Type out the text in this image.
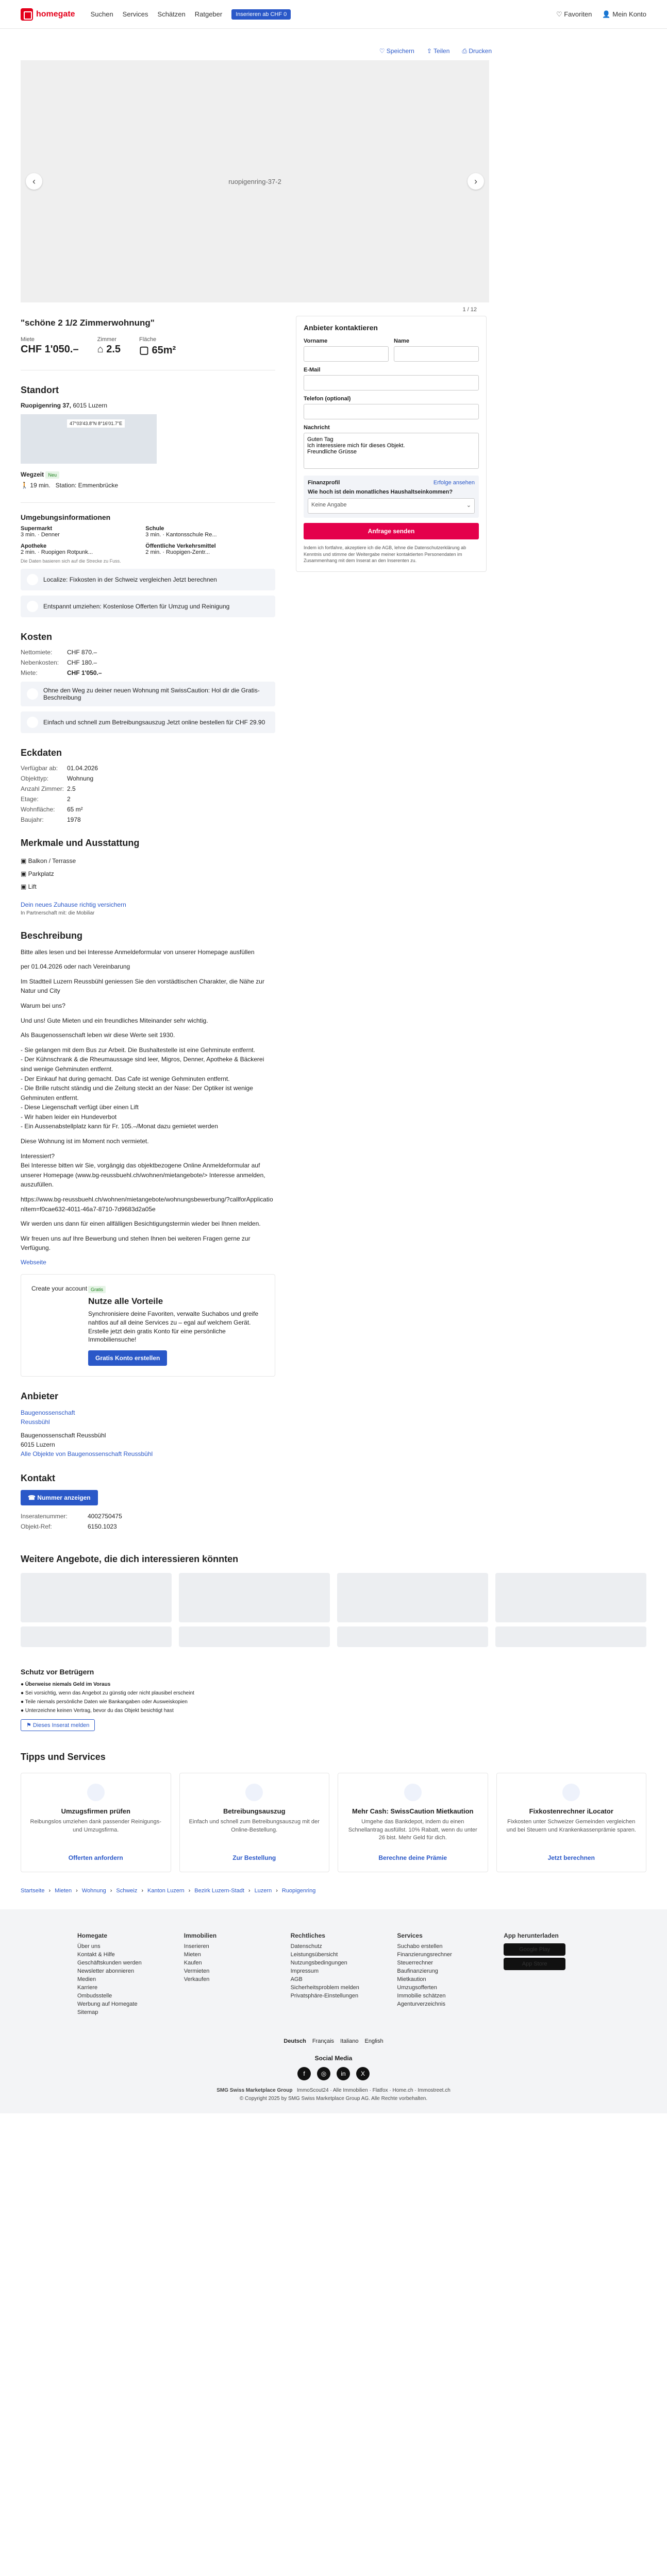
homegate Suchen Services Schätzen Ratgeber	Inserieren ab CHF 0	♡ Favoriten 👤 Mein Konto
♡ Speichern ⇪ Teilen ⎙ Drucken
‹	ruopigenring-37-2	›
1 / 12
"schöne 2 1/2 Zimmerwohnung"
Miete
CHF 1'050.–
Zimmer
⌂ 2.5
Fläche
▢ 65m²
Standort
Ruopigenring 37, 6015 Luzern
47°03'43.8"N 8°16'01.7"E
Wegzeit Neu
🚶 19 min. Station: Emmenbrücke
Umgebungsinformationen
Supermarkt
3 min. · Denner
Schule
3 min. · Kantonsschule Re...
Apotheke
2 min. · Ruopigen Rotpunk...
Öffentliche Verkehrsmittel
2 min. · Ruopigen-Zentr...
Die Daten basieren sich auf die Strecke zu Fuss.
Localize: Fixkosten in der Schweiz vergleichen Jetzt berechnen
Entspannt umziehen: Kostenlose Offerten für Umzug und Reinigung
Kosten
Nettomiete:	CHF 870.–
Nebenkosten:	CHF 180.–
Miete:	CHF 1'050.–
Ohne den Weg zu deiner neuen Wohnung mit SwissCaution: Hol dir die Gratis-Beschreibung
Einfach und schnell zum Betreibungsauszug Jetzt online bestellen für CHF 29.90
Eckdaten
Verfügbar ab:	01.04.2026
Objekttyp:	Wohnung
Anzahl Zimmer: 2.5
Etage:	2
Wohnfläche:	65 m²
Baujahr:	1978
Merkmale und Ausstattung
▣ Balkon / Terrasse
▣ Parkplatz
▣ Lift
Dein neues Zuhause richtig versichern
In Partnerschaft mit: die Mobiliar
Beschreibung

Bitte alles lesen und bei Interesse Anmeldeformular von unserer Homepage ausfüllen

per 01.04.2026 oder nach Vereinbarung

Im Stadtteil Luzern Reussbühl geniessen Sie den vorstädtischen Charakter, die Nähe zur Natur und City

Warum bei uns?

Und uns! Gute Mieten und ein freundliches Miteinander sehr wichtig.

Als Baugenossenschaft leben wir diese Werte seit 1930.

- Sie gelangen mit dem Bus zur Arbeit. Die Bushaltestelle ist eine Gehminute entfernt.
- Der Kühnschrank & die Rheumaussage sind leer, Migros, Denner, Apotheke & Bäckerei sind wenige Gehminuten entfernt.
- Der Einkauf hat during gemacht. Das Cafe ist wenige Gehminuten entfernt.
- Die Brille rutscht ständig und die Zeitung steckt an der Nase: Der Optiker ist wenige Gehminuten entfernt.
- Diese Liegenschaft verfügt über einen Lift
- Wir haben leider ein Hundeverbot
- Ein Aussenabstellplatz kann für Fr. 105.–/Monat dazu gemietet werden

Diese Wohnung ist im Moment noch vermietet.

Interessiert?
Bei Interesse bitten wir Sie, vorgängig das objektbezogene Online Anmeldeformular auf unserer Homepage (www.bg-reussbuehl.ch/wohnen/mietangebote/> Interesse anmelden, auszufüllen.

https://www.bg-reussbuehl.ch/wohnen/mietangebote/wohnungsbewerbung/?callforApplicationItem=f0cae632-4011-46a7-8710-7d9683d2a05e

Wir werden uns dann für einen allfälligen Besichtigungstermin wieder bei Ihnen melden.

Wir freuen uns auf Ihre Bewerbung und stehen Ihnen bei weiteren Fragen gerne zur Verfügung.

Webseite
Create your account Gratis
Nutze alle Vorteile
Synchronisiere deine Favoriten, verwalte Suchabos und greife nahtlos auf all deine Services zu – egal auf welchem Gerät. Erstelle jetzt dein gratis Konto für eine persönliche Immobiliensuche!
Gratis Konto erstellen
Anbieter
Baugenossenschaft
Reussbühl
Baugenossenschaft Reussbühl
6015 Luzern
Alle Objekte von Baugenossenschaft Reussbühl
Kontakt
☎ Nummer anzeigen
Inseratenummer:	4002750475
Objekt-Ref:	6150.1023
Anbieter kontaktieren
Vorname	Name
E-Mail
Telefon (optional)
Nachricht
Guten Tag Ich interessiere mich für dieses Objekt. Freundliche Grüsse
Finanzprofil	Erfolge ansehen
Wie hoch ist dein monatliches Haushaltseinkommen?
Keine Angabe	⌄
Anfrage senden
Indem ich fortfahre, akzeptiere ich die AGB, lehne die Datenschutzerklärung ab Kenntnis und stimme der Weitergabe meiner kontaktierten Personendaten im Zusammenhang mit dem Inserat an den Inserenten zu.
Weitere Angebote, die dich interessieren könnten
Schutz vor Betrügern
● Überweise niemals Geld im Voraus
● Sei vorsichtig, wenn das Angebot zu günstig oder nicht plausibel erscheint
● Teile niemals persönliche Daten wie Bankangaben oder Ausweiskopien
● Unterzeichne keinen Vertrag, bevor du das Objekt besichtigt hast
⚑ Dieses Inserat melden
Tipps und Services
Umzugsfirmen prüfen
Reibungslos umziehen dank passender Reinigungs- und Umzugsfirma.
Offerten anfordern
Betreibungsauszug
Einfach und schnell zum Betreibungsauszug mit der Online-Bestellung.
Zur Bestellung
Mehr Cash: SwissCaution Mietkaution
Umgehe das Bankdepot, indem du einen Schnellantrag ausfüllst. 10% Rabatt, wenn du unter 26 bist. Mehr Geld für dich.
Berechne deine Prämie
Fixkostenrechner iLocator
Fixkosten unter Schweizer Gemeinden vergleichen und bei Steuern und Krankenkassenprämie sparen.
Jetzt berechnen
Startseite › Mieten › Wohnung › Schweiz › Kanton Luzern › Bezirk Luzern-Stadt › Luzern › Ruopigenring
Homegate
Über uns
Kontakt & Hilfe
Geschäftskunden werden
Newsletter abonnieren
Medien
Karriere
Ombudsstelle
Werbung auf Homegate
Sitemap
Immobilien
Inserieren
Mieten
Kaufen
Vermieten
Verkaufen
Rechtliches
Datenschutz
Leistungsübersicht
Nutzungsbedingungen
Impressum
AGB
Sicherheitsproblem melden
Privatsphäre-Einstellungen
Services
Suchabo erstellen
Finanzierungsrechner
Steuerrechner
Baufinanzierung
Mietkaution
Umzugsofferten
Immobilie schätzen
Agenturverzeichnis
App herunterladen
Google Play
App Store
Deutsch Français Italiano English
Social Media
f	◎	in	X
SMG Swiss Marketplace Group ImmoScout24 · Alle Immobilien · Flatfox · Home.ch · Immostreet.ch
© Copyright 2025 by SMG Swiss Marketplace Group AG. Alle Rechte vorbehalten.
